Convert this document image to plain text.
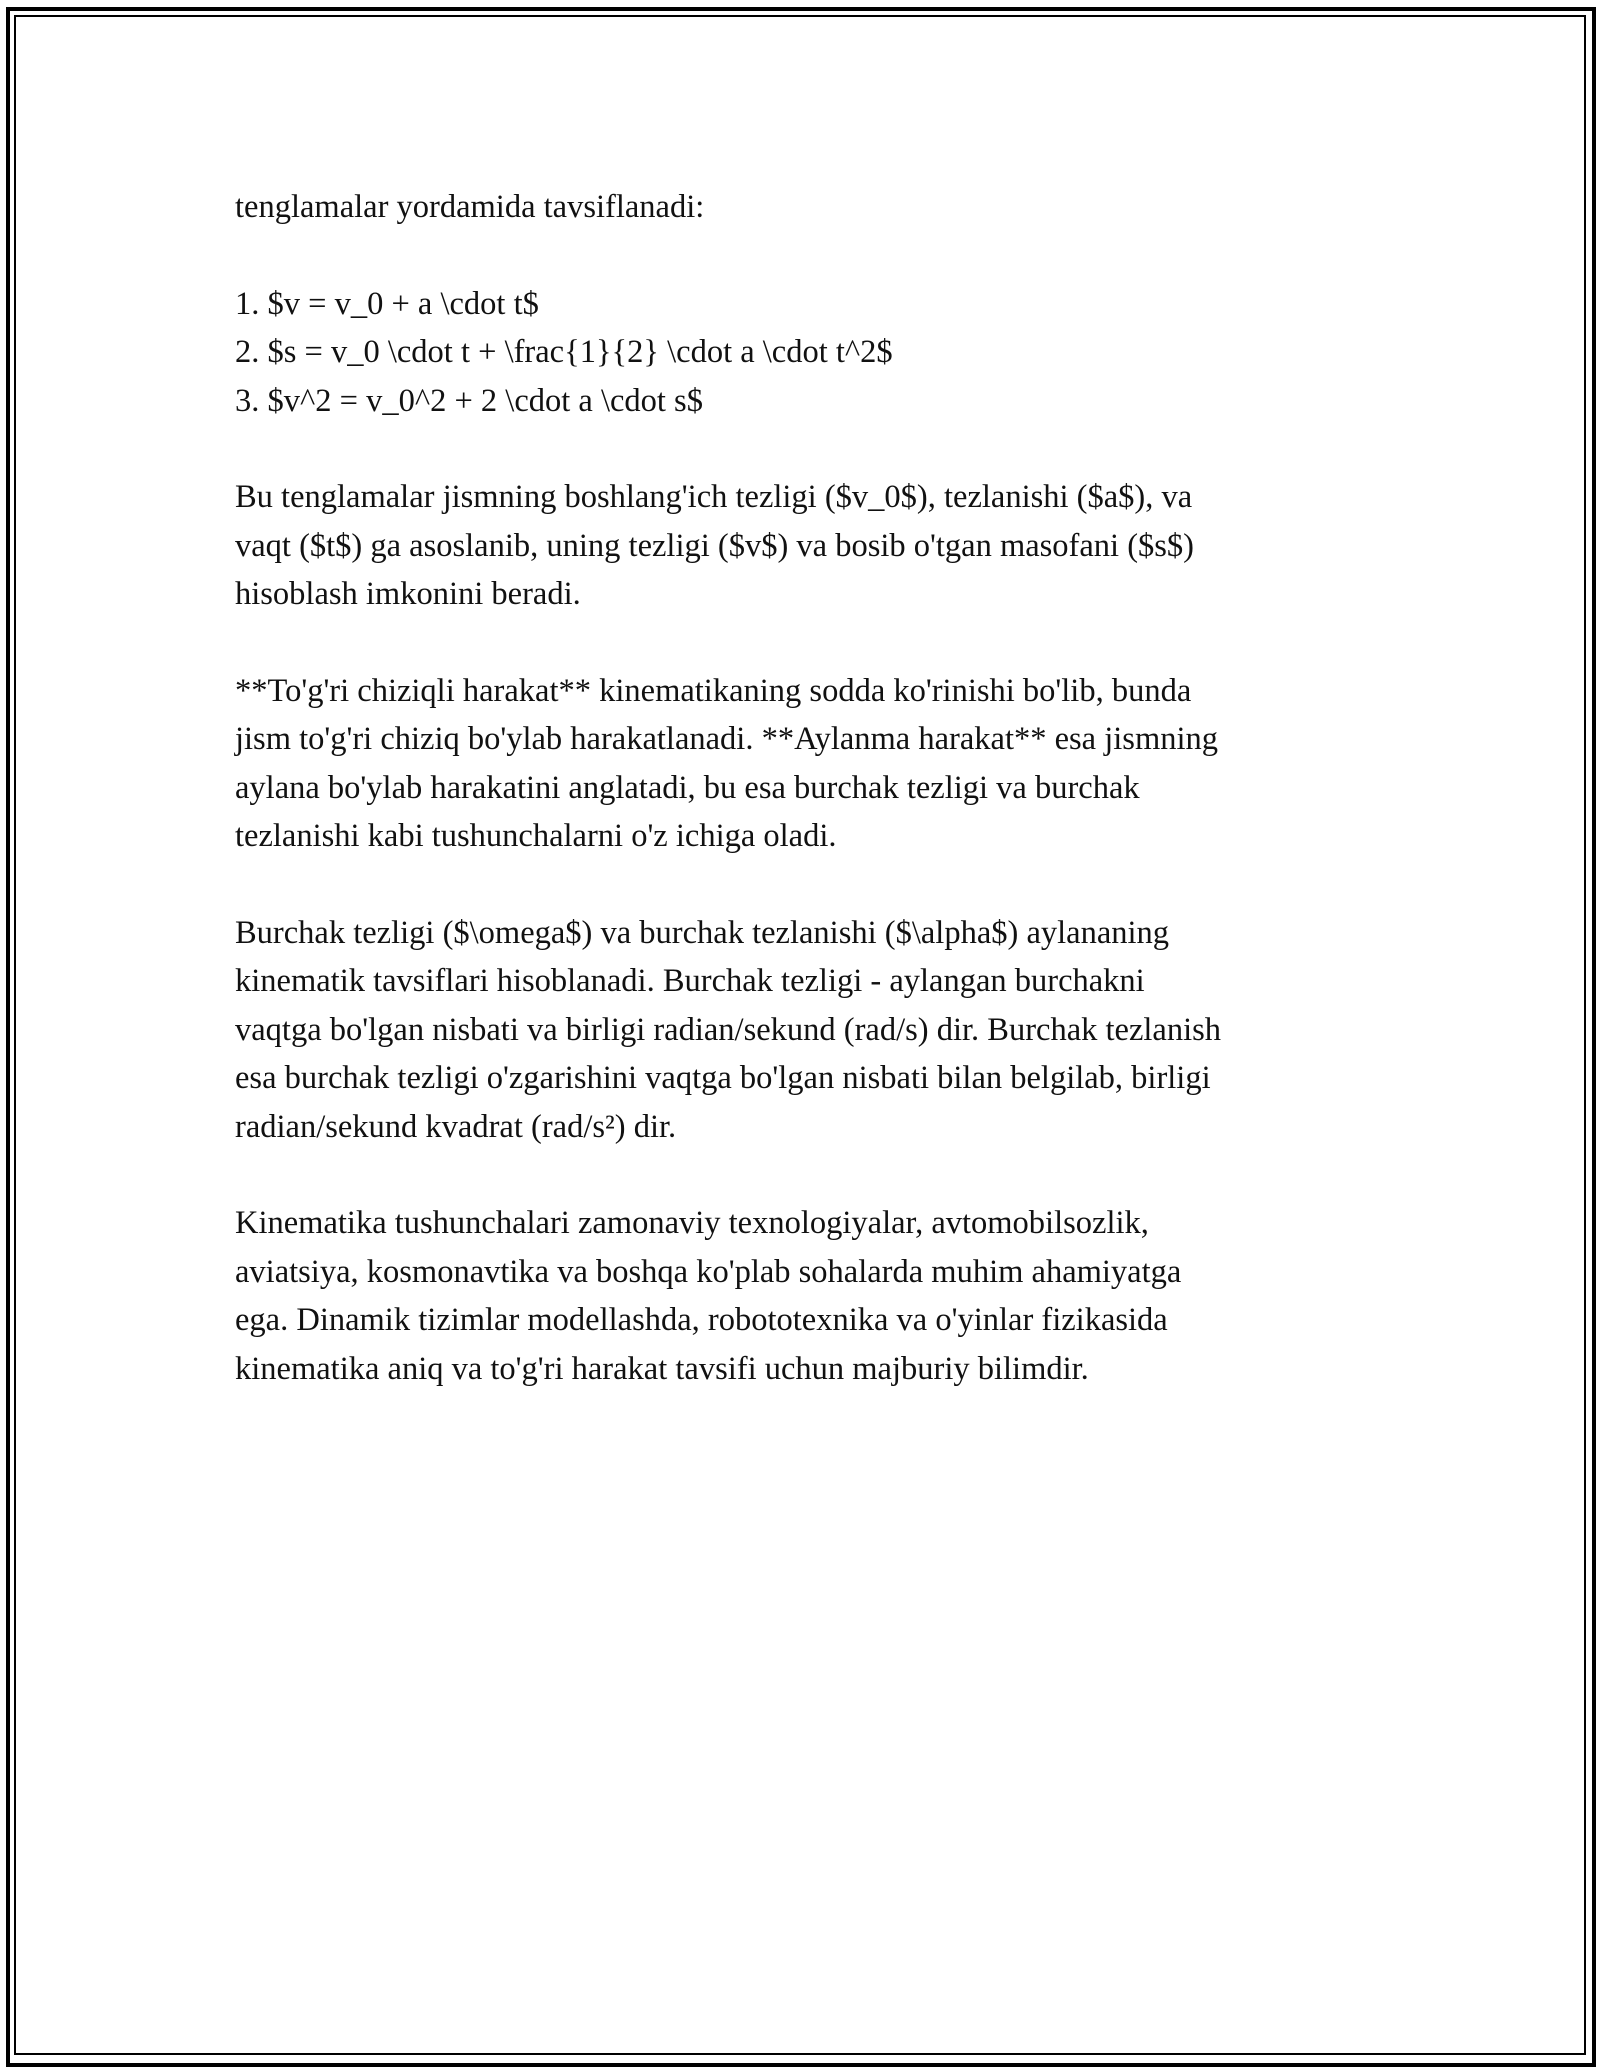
tenglamalar yordamida tavsiflanadi:

1. $v = v_0 + a \cdot t$
2. $s = v_0 \cdot t + \frac{1}{2} \cdot a \cdot t^2$
3. $v^2 = v_0^2 + 2 \cdot a \cdot s$

Bu tenglamalar jismning boshlang'ich tezligi ($v_0$), tezlanishi ($a$), va
vaqt ($t$) ga asoslanib, uning tezligi ($v$) va bosib o'tgan masofani ($s$)
hisoblash imkonini beradi.

**To'g'ri chiziqli harakat** kinematikaning sodda ko'rinishi bo'lib, bunda
jism to'g'ri chiziq bo'ylab harakatlanadi. **Aylanma harakat** esa jismning
aylana bo'ylab harakatini anglatadi, bu esa burchak tezligi va burchak
tezlanishi kabi tushunchalarni o'z ichiga oladi.

Burchak tezligi ($\omega$) va burchak tezlanishi ($\alpha$) aylananing
kinematik tavsiflari hisoblanadi. Burchak tezligi - aylangan burchakni
vaqtga bo'lgan nisbati va birligi radian/sekund (rad/s) dir. Burchak tezlanish
esa burchak tezligi o'zgarishini vaqtga bo'lgan nisbati bilan belgilab, birligi
radian/sekund kvadrat (rad/s²) dir.

Kinematika tushunchalari zamonaviy texnologiyalar, avtomobilsozlik,
aviatsiya, kosmonavtika va boshqa ko'plab sohalarda muhim ahamiyatga
ega. Dinamik tizimlar modellashda, robototexnika va o'yinlar fizikasida
kinematika aniq va to'g'ri harakat tavsifi uchun majburiy bilimdir.
